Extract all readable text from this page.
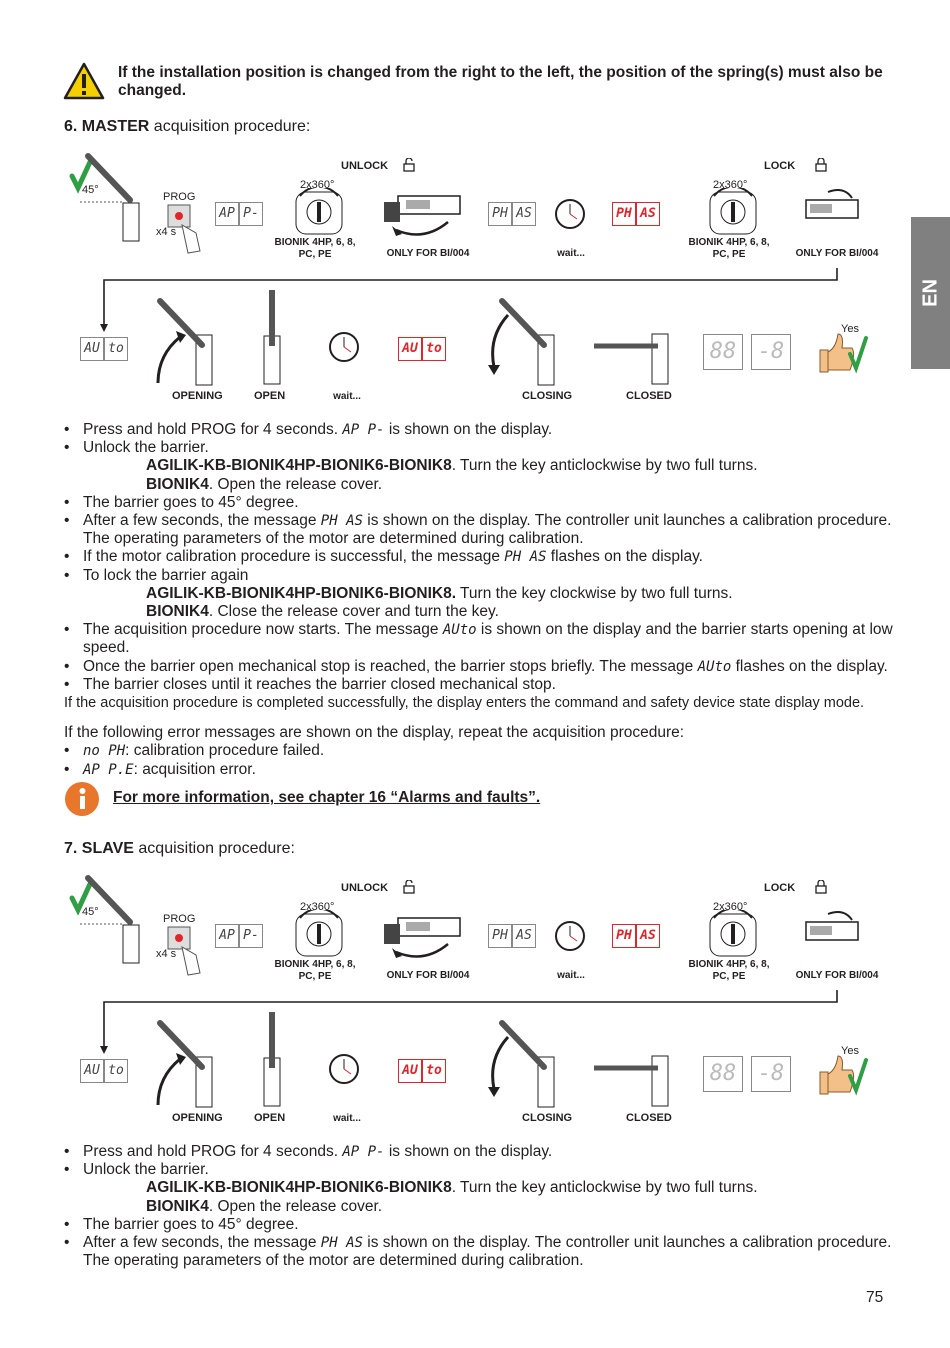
EN
If the installation position is changed from the right to the left, the position of the spring(s) must also be changed.
6. MASTER acquisition procedure:
45°
PROG
x4 s
AP P-
UNLOCK
2x360°
BIONIK 4HP, 6, 8, PC, PE	ONLY FOR BI/004
PH AS
wait...
PH AS
LOCK
2x360°
BIONIK 4HP, 6, 8, PC, PE	ONLY FOR BI/004
AU to
OPENING	OPEN	wait...
AU to
CLOSING	CLOSED
88 -8
Yes
• Press and hold PROG for 4 seconds. AP P- is shown on the display.
• Unlock the barrier.
AGILIK-KB-BIONIK4HP-BIONIK6-BIONIK8. Turn the key anticlockwise by two full turns.
BIONIK4. Open the release cover.
• The barrier goes to 45° degree.
• After a few seconds, the message PH AS is shown on the display. The controller unit launches a calibration procedure. The operating parameters of the motor are determined during calibration.
• If the motor calibration procedure is successful, the message PH AS flashes on the display.
• To lock the barrier again
AGILIK-KB-BIONIK4HP-BIONIK6-BIONIK8. Turn the key clockwise by two full turns.
BIONIK4. Close the release cover and turn the key.
• The acquisition procedure now starts. The message AUto is shown on the display and the barrier starts opening at low speed.
• Once the barrier open mechanical stop is reached, the barrier stops briefly. The message AUto flashes on the display.
• The barrier closes until it reaches the barrier closed mechanical stop.
If the acquisition procedure is completed successfully, the display enters the command and safety device state display mode.
If the following error messages are shown on the display, repeat the acquisition procedure:
• no PH: calibration procedure failed.
• AP P.E: acquisition error.
For more information, see chapter 16 “Alarms and faults”.
7. SLAVE acquisition procedure:
45°
PROG
x4 s
AP P-
UNLOCK
2x360°
BIONIK 4HP, 6, 8, PC, PE	ONLY FOR BI/004
PH AS
wait...
PH AS
LOCK
2x360°
BIONIK 4HP, 6, 8, PC, PE	ONLY FOR BI/004
AU to
OPENING	OPEN	wait...
AU to
CLOSING	CLOSED
88 -8
Yes
• Press and hold PROG for 4 seconds. AP P- is shown on the display.
• Unlock the barrier.
AGILIK-KB-BIONIK4HP-BIONIK6-BIONIK8. Turn the key anticlockwise by two full turns.
BIONIK4. Open the release cover.
• The barrier goes to 45° degree.
• After a few seconds, the message PH AS is shown on the display. The controller unit launches a calibration procedure. The operating parameters of the motor are determined during calibration.
75
